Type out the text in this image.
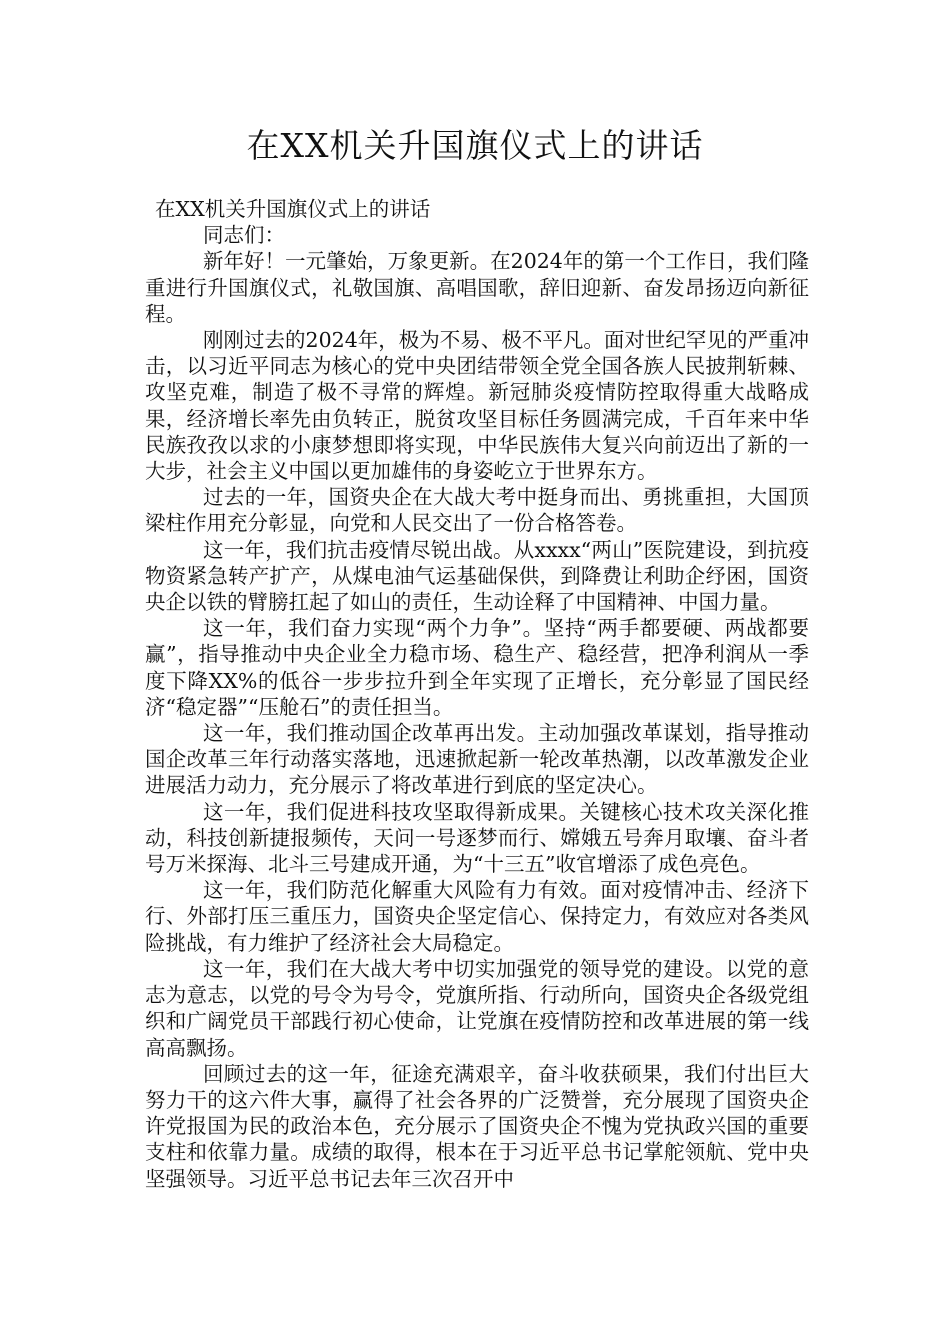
在XX机关升国旗仪式上的讲话

在XX机关升国旗仪式上的讲话

同志们：

新年好！一元肇始，万象更新。在2024年的第一个工作日，我们隆重进行升国旗仪式，礼敬国旗、高唱国歌，辞旧迎新、奋发昂扬迈向新征程。

刚刚过去的2024年，极为不易、极不平凡。面对世纪罕见的严重冲击，以习近平同志为核心的党中央团结带领全党全国各族人民披荆斩棘、攻坚克难，制造了极不寻常的辉煌。新冠肺炎疫情防控取得重大战略成果，经济增长率先由负转正，脱贫攻坚目标任务圆满完成，千百年来中华民族孜孜以求的小康梦想即将实现，中华民族伟大复兴向前迈出了新的一大步，社会主义中国以更加雄伟的身姿屹立于世界东方。

过去的一年，国资央企在大战大考中挺身而出、勇挑重担，大国顶梁柱作用充分彰显，向党和人民交出了一份合格答卷。

这一年，我们抗击疫情尽锐出战。从xxxx“两山”医院建设，到抗疫物资紧急转产扩产，从煤电油气运基础保供，到降费让利助企纾困，国资央企以铁的臂膀扛起了如山的责任，生动诠释了中国精神、中国力量。

这一年，我们奋力实现“两个力争”。坚持“两手都要硬、两战都要赢”，指导推动中央企业全力稳市场、稳生产、稳经营，把净利润从一季度下降XX%的低谷一步步拉升到全年实现了正增长，充分彰显了国民经济“稳定器”“压舱石”的责任担当。

这一年，我们推动国企改革再出发。主动加强改革谋划，指导推动国企改革三年行动落实落地，迅速掀起新一轮改革热潮，以改革激发企业进展活力动力，充分展示了将改革进行到底的坚定决心。

这一年，我们促进科技攻坚取得新成果。关键核心技术攻关深化推动，科技创新捷报频传，天问一号逐梦而行、嫦娥五号奔月取壤、奋斗者号万米探海、北斗三号建成开通，为“十三五”收官增添了成色亮色。

这一年，我们防范化解重大风险有力有效。面对疫情冲击、经济下行、外部打压三重压力，国资央企坚定信心、保持定力，有效应对各类风险挑战，有力维护了经济社会大局稳定。

这一年，我们在大战大考中切实加强党的领导党的建设。以党的意志为意志，以党的号令为号令，党旗所指、行动所向，国资央企各级党组织和广阔党员干部践行初心使命，让党旗在疫情防控和改革进展的第一线高高飘扬。

回顾过去的这一年，征途充满艰辛，奋斗收获硕果，我们付出巨大努力干的这六件大事，赢得了社会各界的广泛赞誉，充分展现了国资央企许党报国为民的政治本色，充分展示了国资央企不愧为党执政兴国的重要支柱和依靠力量。成绩的取得，根本在于习近平总书记掌舵领航、党中央坚强领导。习近平总书记去年三次召开中
